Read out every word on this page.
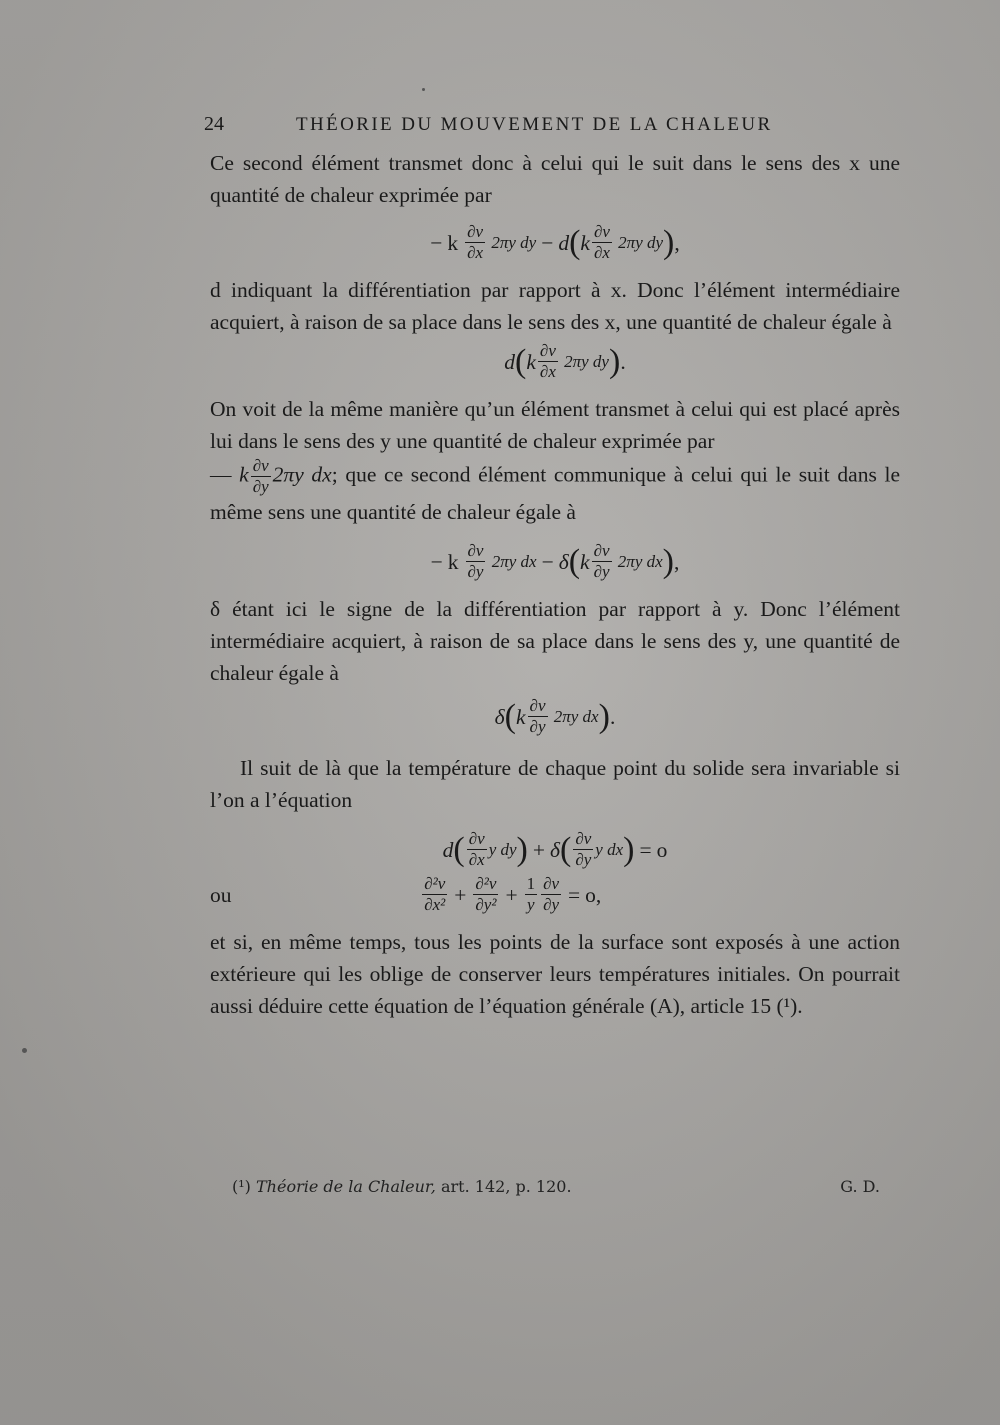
24	THÉORIE DU MOUVEMENT DE LA CHALEUR

Ce second élément transmet donc à celui qui le suit dans le sens des x une quantité de chaleur exprimée par

− k $\frac{\partial v}{\partial x} 2\pi y$ dy − d ( k $\frac{\partial v}{\partial x} 2\pi y$ dy ) ,

d indiquant la différentiation par rapport à x. Donc l’élément intermédiaire acquiert, à raison de sa place dans le sens des x, une quantité de chaleur égale à

d ( k $\frac{\partial v}{\partial x} 2\pi y$ dy ) .

On voit de la même manière qu’un élément transmet à celui qui est placé après lui dans le sens des y une quantité de chaleur exprimée par

— k $\frac{\partial v}{\partial y} 2\pi y$ dx; que ce second élément communique à celui qui le suit dans le même sens une quantité de chaleur égale à
− k $\frac{\partial v}{\partial y} 2\pi y$ dx − δ ( k $\frac{\partial v}{\partial y} 2\pi y$ dx ) ,

δ étant ici le signe de la différentiation par rapport à y. Donc l’élément intermédiaire acquiert, à raison de sa place dans le sens des y, une quantité de chaleur égale à

δ ( k $\frac{\partial v}{\partial y} 2\pi y$ dx ) .

Il suit de là que la température de chaque point du solide sera invariable si l’on a l’équation

d ( $\frac{\partial v}{\partial x}$ y dy ) + δ ( $\frac{\partial v}{\partial y}$ y dx ) = o
ou	$\frac{\text{∂²v}}{\text{∂x²}} + \frac{\text{∂²v}}{\text{∂y²}} + \frac{1}{y} \frac{\partial v}{\partial y} = o$,

et si, en même temps, tous les points de la surface sont exposés à une action extérieure qui les oblige de conserver leurs températures initiales. On pourrait aussi déduire cette équation de l’équation générale (A), article 15 (¹).

(¹) Théorie de la Chaleur, art. 142, p. 120.	G. D.
